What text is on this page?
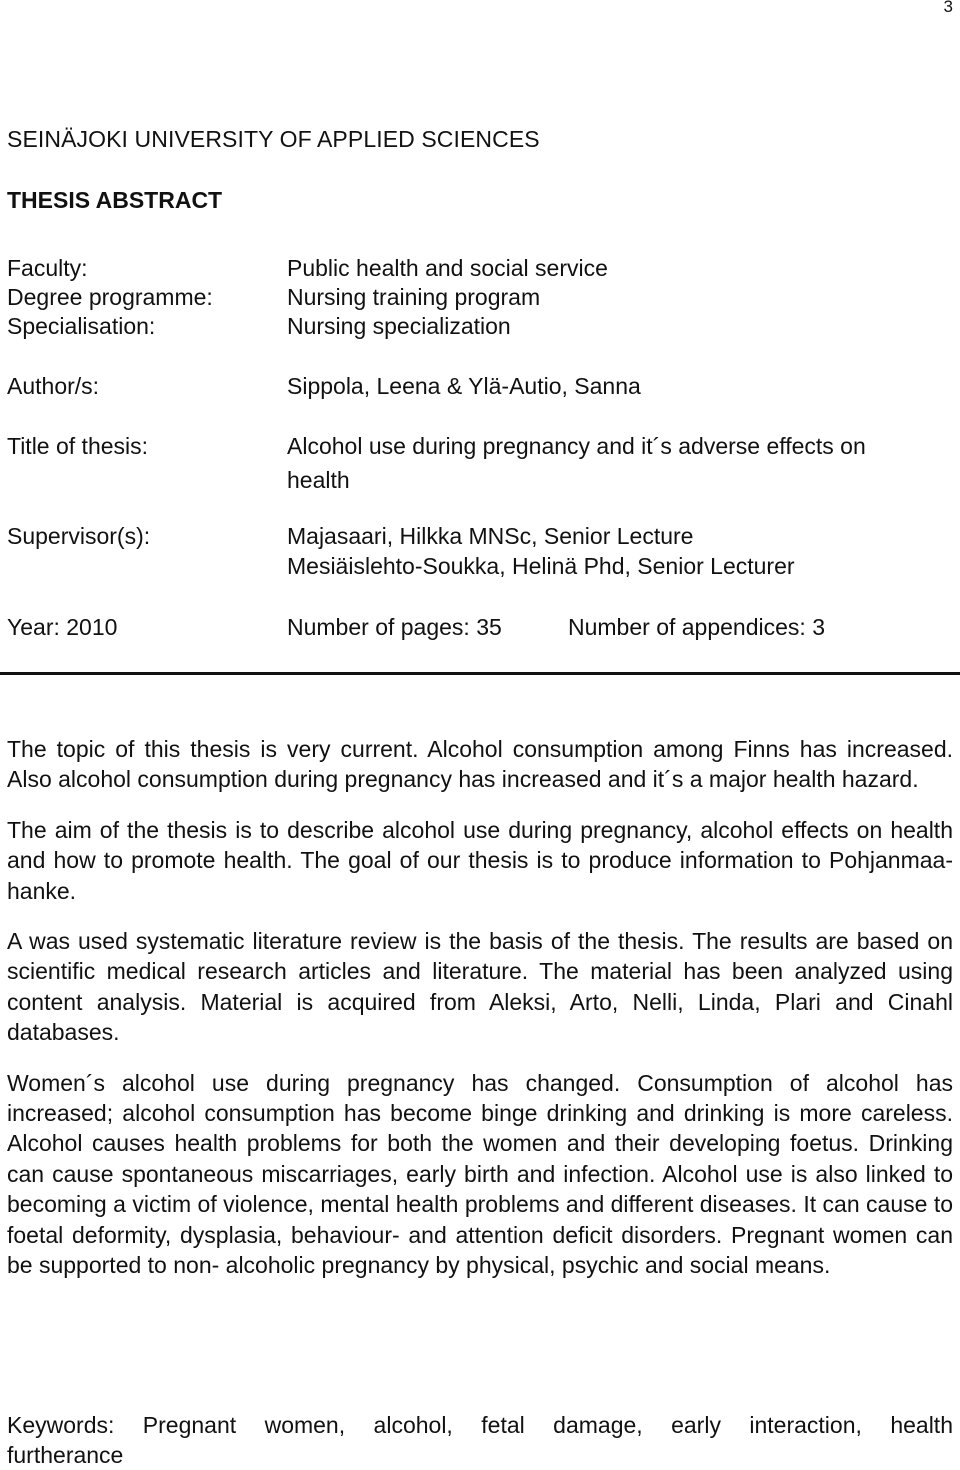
3
SEINÄJOKI UNIVERSITY OF APPLIED SCIENCES
THESIS ABSTRACT
Faculty:	Public health and social service
Degree programme:	Nursing training program
Specialisation:	Nursing specialization
Author/s:	Sippola, Leena & Ylä-Autio, Sanna
Title of thesis:	Alcohol use during pregnancy and it´s adverse effects on
health
Supervisor(s):	Majasaari, Hilkka MNSc, Senior Lecture
Mesiäislehto-Soukka, Helinä Phd, Senior Lecturer
Year: 2010	Number of pages: 35	Number of appendices: 3

The topic of this thesis is very current. Alcohol consumption among Finns has increased. Also alcohol consumption during pregnancy has increased and it´s a major health hazard.

The aim of the thesis is to describe alcohol use during pregnancy, alcohol effects on health and how to promote health. The goal of our thesis is to produce information to Pohjanmaa- hanke.

A was used systematic literature review is the basis of the thesis. The results are based on scientific medical research articles and literature. The material has been analyzed using content analysis. Material is acquired from Aleksi, Arto, Nelli, Linda, Plari and Cinahl databases.

Women´s alcohol use during pregnancy has changed. Consumption of alcohol has increased; alcohol consumption has become binge drinking and drinking is more careless. Alcohol causes health problems for both the women and their developing foetus. Drinking can cause spontaneous miscarriages, early birth and infection. Alcohol use is also linked to becoming a victim of violence, mental health problems and different diseases. It can cause to foetal deformity, dysplasia, behaviour- and attention deficit disorders. Pregnant women can be supported to non- alcoholic pregnancy by physical, psychic and social means.

Keywords: Pregnant women, alcohol, fetal damage, early interaction, health
furtherance
